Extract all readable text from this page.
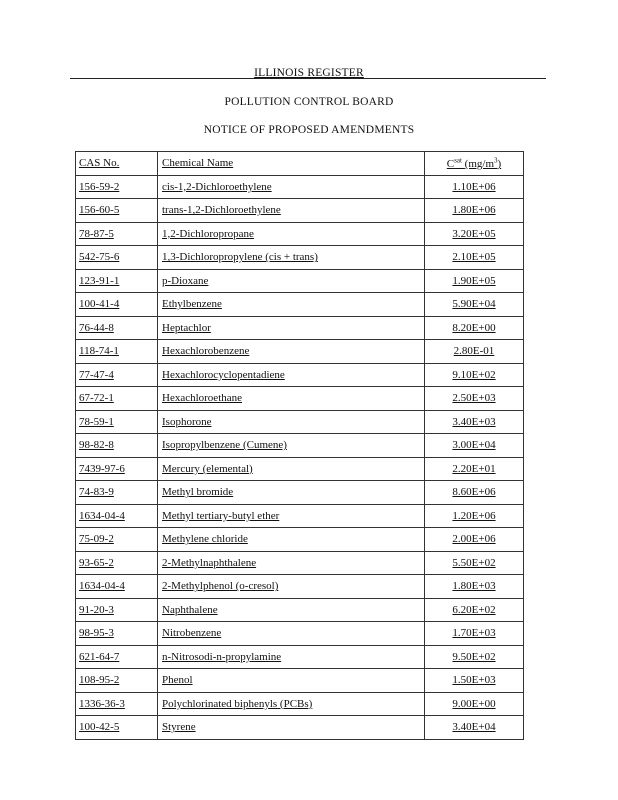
ILLINOIS REGISTER
POLLUTION CONTROL BOARD
NOTICE OF PROPOSED AMENDMENTS
CAS No.	Chemical Name	$C^{sat}$ $(mg/m^3)$
156-59-2	cis-1,2-Dichloroethylene	1.10E+06
156-60-5	trans-1,2-Dichloroethylene	1.80E+06
78-87-5	1,2-Dichloropropane	3.20E+05
542-75-6	1,3-Dichloropropylene (cis + trans)	2.10E+05
123-91-1	p-Dioxane	1.90E+05
100-41-4	Ethylbenzene	5.90E+04
76-44-8	Heptachlor	8.20E+00
118-74-1	Hexachlorobenzene	2.80E-01
77-47-4	Hexachlorocyclopentadiene	9.10E+02
67-72-1	Hexachloroethane	2.50E+03
78-59-1	Isophorone	3.40E+03
98-82-8	Isopropylbenzene (Cumene)	3.00E+04
7439-97-6	Mercury (elemental)	2.20E+01
74-83-9	Methyl bromide	8.60E+06
1634-04-4	Methyl tertiary-butyl ether	1.20E+06
75-09-2	Methylene chloride	2.00E+06
93-65-2	2-Methylnaphthalene	5.50E+02
1634-04-4	2-Methylphenol (o-cresol)	1.80E+03
91-20-3	Naphthalene	6.20E+02
98-95-3	Nitrobenzene	1.70E+03
621-64-7	n-Nitrosodi-n-propylamine	9.50E+02
108-95-2	Phenol	1.50E+03
1336-36-3	Polychlorinated biphenyls (PCBs)	9.00E+00
100-42-5	Styrene	3.40E+04
